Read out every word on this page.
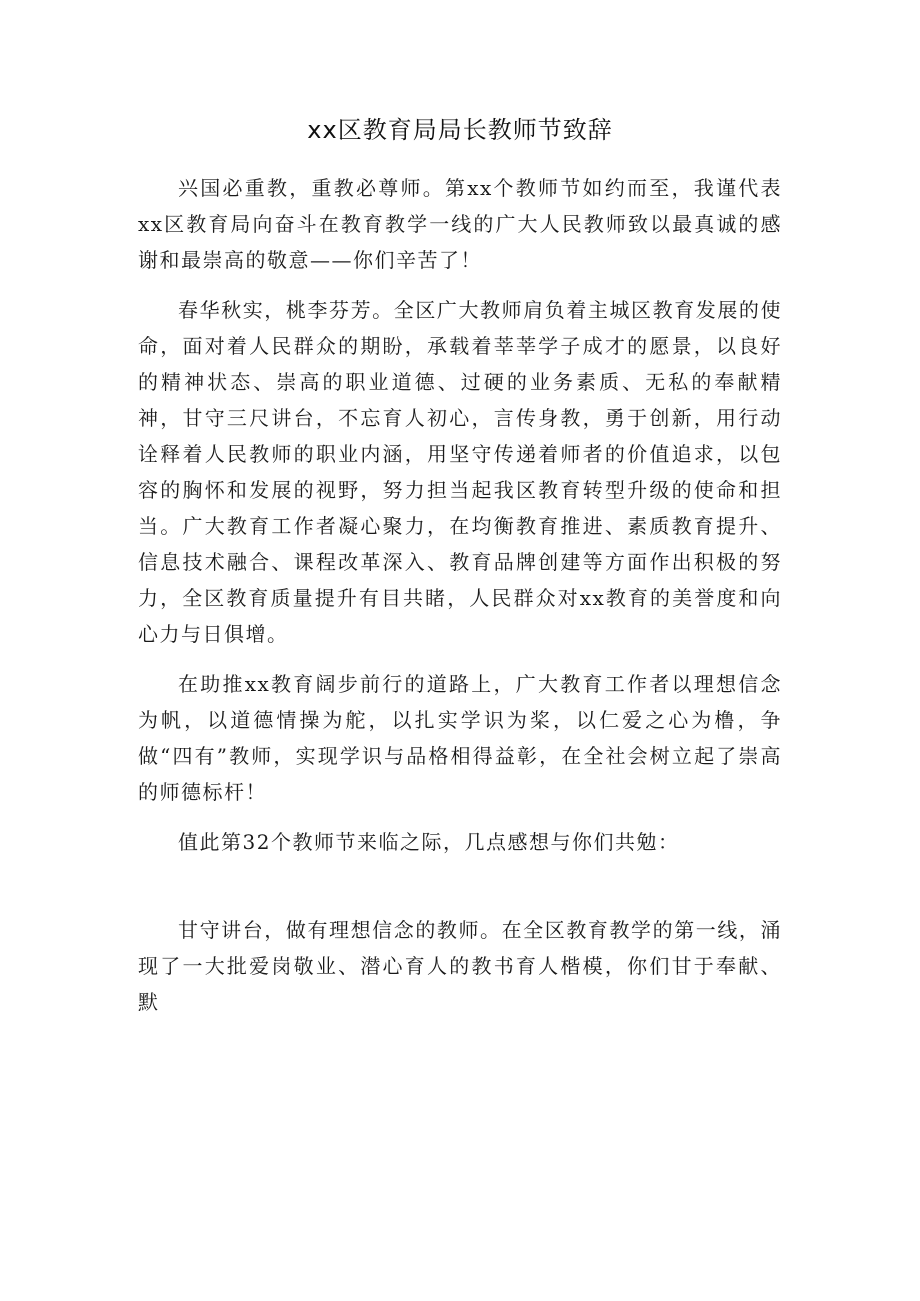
xx区教育局局长教师节致辞

兴国必重教，重教必尊师。第xx个教师节如约而至，我谨代表xx区教育局向奋斗在教育教学一线的广大人民教师致以最真诚的感谢和最崇高的敬意——你们辛苦了！

春华秋实，桃李芬芳。全区广大教师肩负着主城区教育发展的使命，面对着人民群众的期盼，承载着莘莘学子成才的愿景，以良好的精神状态、崇高的职业道德、过硬的业务素质、无私的奉献精神，甘守三尺讲台，不忘育人初心，言传身教，勇于创新，用行动诠释着人民教师的职业内涵，用坚守传递着师者的价值追求，以包容的胸怀和发展的视野，努力担当起我区教育转型升级的使命和担当。广大教育工作者凝心聚力，在均衡教育推进、素质教育提升、信息技术融合、课程改革深入、教育品牌创建等方面作出积极的努力，全区教育质量提升有目共睹，人民群众对xx教育的美誉度和向心力与日俱增。

在助推xx教育阔步前行的道路上，广大教育工作者以理想信念为帆，以道德情操为舵，以扎实学识为桨，以仁爱之心为橹，争做“四有”教师，实现学识与品格相得益彰，在全社会树立起了崇高的师德标杆！

值此第32个教师节来临之际，几点感想与你们共勉：

甘守讲台，做有理想信念的教师。在全区教育教学的第一线，涌现了一大批爱岗敬业、潜心育人的教书育人楷模，你们甘于奉献、默
